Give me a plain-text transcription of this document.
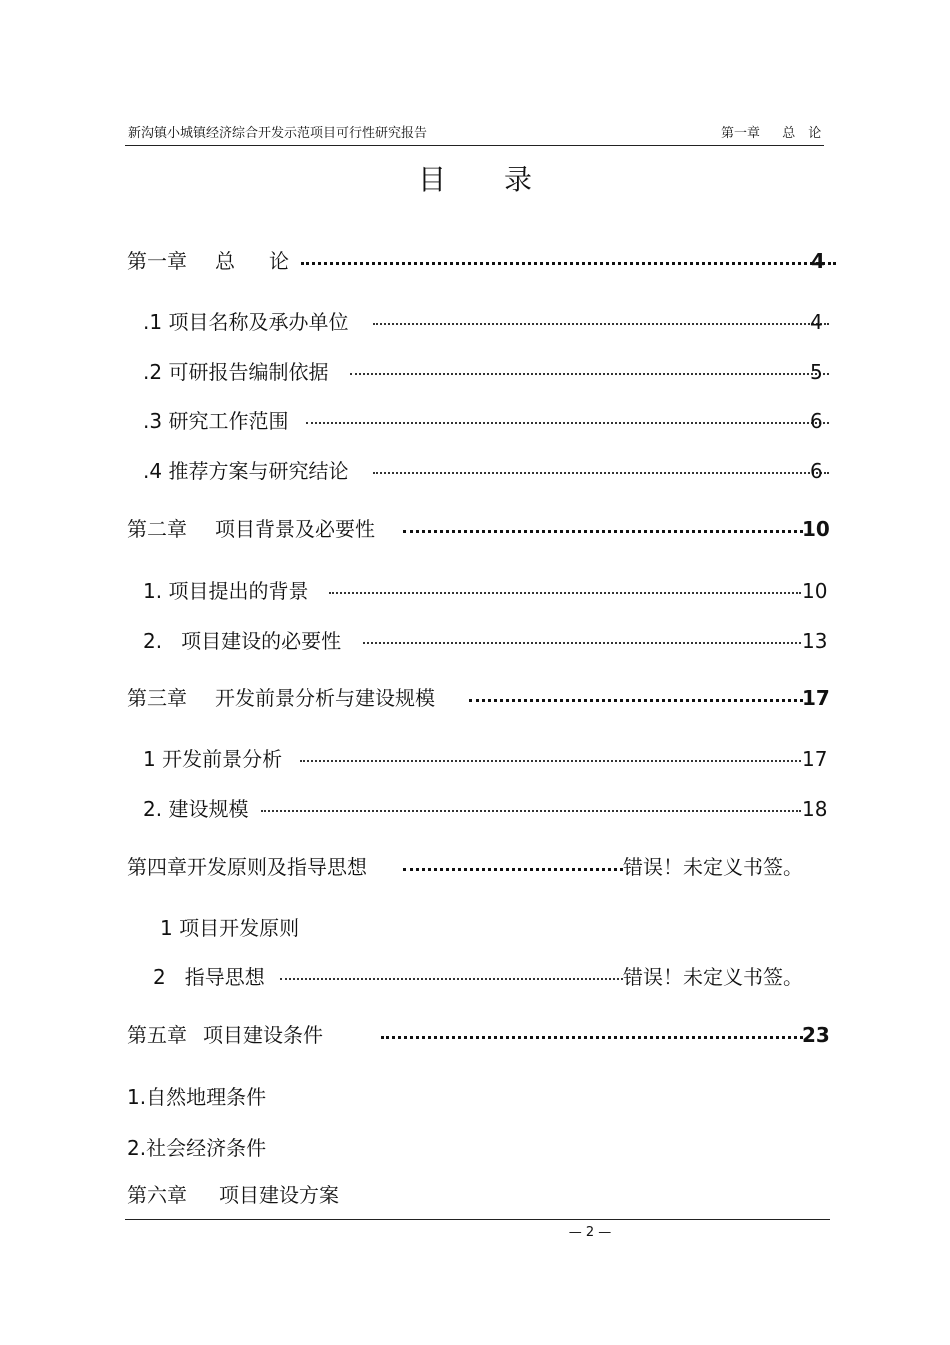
新沟镇小城镇经济综合开发示范项目可行性研究报告	第一章 总　论
目录
第一章 总 论	4
.1 项目名称及承办单位	4
.2 可研报告编制依据	5
.3 研究工作范围	6
.4 推荐方案与研究结论	6
第二章 项目背景及必要性	10
1. 项目提出的背景	10
2.   项目建设的必要性	13
第三章 开发前景分析与建设规模	17
1 开发前景分析	17
2. 建设规模	18
第四章开发原则及指导思想	错误！未定义书签。
1 项目开发原则
2   指导思想	错误！未定义书签。
第五章 项目建设条件	23
1.自然地理条件
2.社会经济条件
第六章 项目建设方案
— 2 —
